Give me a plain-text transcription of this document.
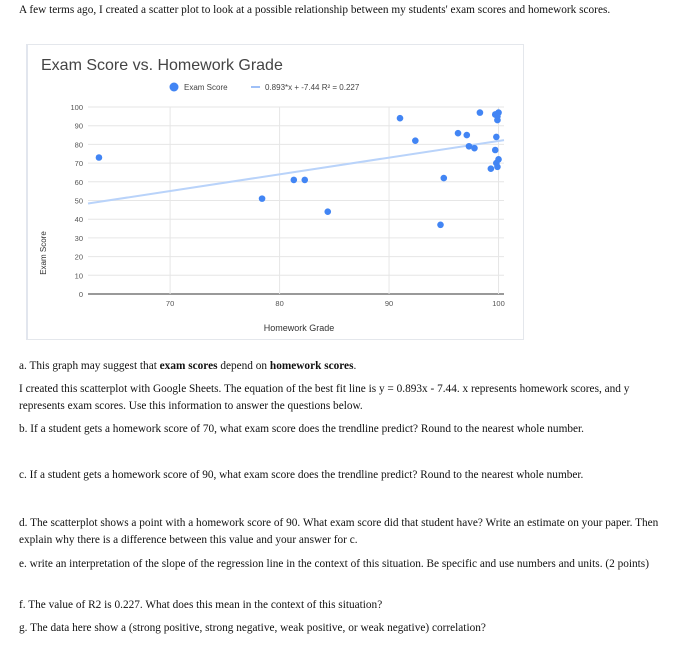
A few terms ago, I created a scatter plot to look at a possible relationship between my students' exam scores and homework scores.
Exam Score vs. Homework Grade
Exam Score	0.893*x + -7.44 R² = 0.227
0
10
20
30
40
50
60
70
80
90
100
70	80	90	100
Homework Grade
Exam Score
a. This graph may suggest that exam scores depend on homework scores.
I created this scatterplot with Google Sheets. The equation of the best fit line is y = 0.893x - 7.44. x represents homework scores, and y represents exam scores. Use this information to answer the questions below.
b. If a student gets a homework score of 70, what exam score does the trendline predict? Round to the nearest whole number.
c. If a student gets a homework score of 90, what exam score does the trendline predict? Round to the nearest whole number.
d. The scatterplot shows a point with a homework score of 90. What exam score did that student have? Write an estimate on your paper. Then explain why there is a difference between this value and your answer for c.
e. write an interpretation of the slope of the regression line in the context of this situation. Be specific and use numbers and units. (2 points)
f. The value of R2 is 0.227. What does this mean in the context of this situation?
g. The data here show a (strong positive, strong negative, weak positive, or weak negative) correlation?
